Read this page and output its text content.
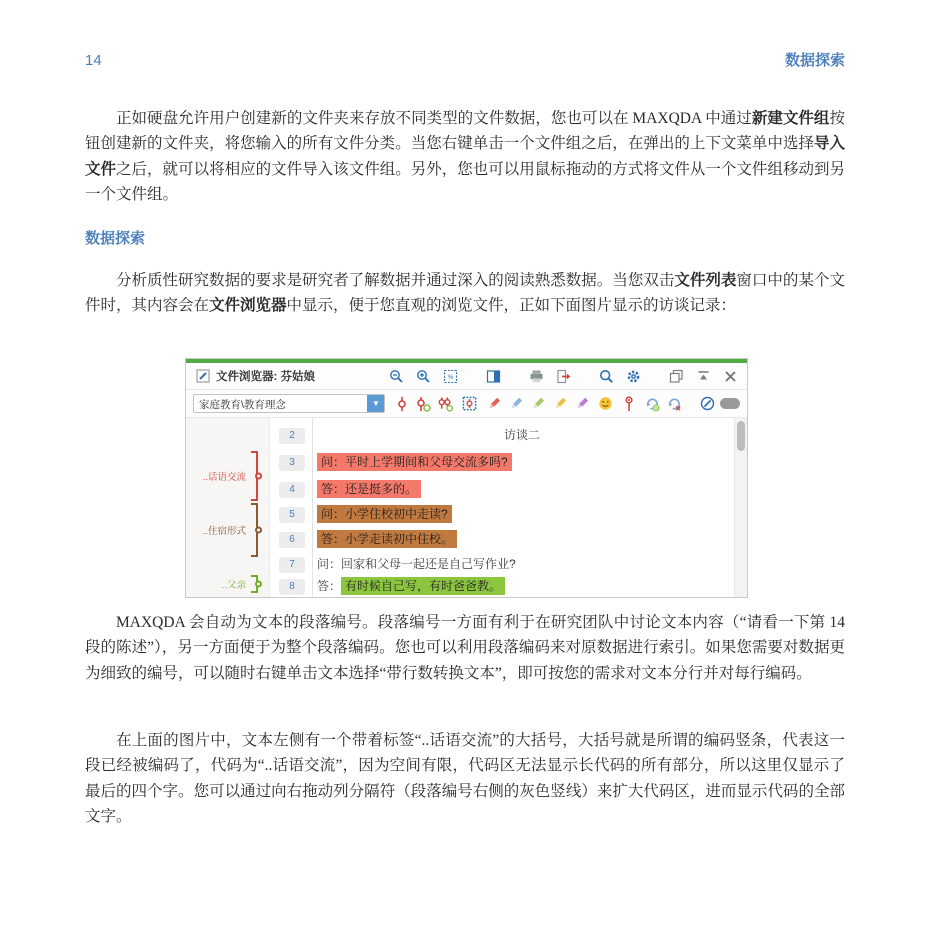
14	数据探索

正如硬盘允许用户创建新的文件夹来存放不同类型的文件数据，您也可以在 MAXQDA 中通过新建文件组按钮创建新的文件夹，将您输入的所有文件分类。当您右键单击一个文件组之后，在弹出的上下文菜单中选择导入文件之后，就可以将相应的文件导入该文件组。另外，您也可以用鼠标拖动的方式将文件从一个文件组移动到另一个文件组。

数据探索

分析质性研究数据的要求是研究者了解数据并通过深入的阅读熟悉数据。当您双击文件列表窗口中的某个文件时，其内容会在文件浏览器中显示，便于您直观的浏览文件，正如下面图片显示的访谈记录：

文件浏览器: 芬姑娘	%
家庭教育\教育理念	▼
..话语交流
..住宿形式
..父亲
2
3
4
5
6
7
8
访谈二
问：平时上学期间和父母交流多吗?
答：还是挺多的。
问：小学住校初中走读?
答：小学走读初中住校。
问：回家和父母一起还是自己写作业?
答： 有时候自己写，有时爸爸教。

MAXQDA 会自动为文本的段落编号。段落编号一方面有利于在研究团队中讨论文本内容（“请看一下第 14 段的陈述”），另一方面便于为整个段落编码。您也可以利用段落编码来对原数据进行索引。如果您需要对数据更为细致的编号，可以随时右键单击文本选择“带行数转换文本”，即可按您的需求对文本分行并对每行编码。

在上面的图片中，文本左侧有一个带着标签“..话语交流”的大括号，大括号就是所谓的编码竖条，代表这一段已经被编码了，代码为“..话语交流”，因为空间有限，代码区无法显示长代码的所有部分，所以这里仅显示了最后的四个字。您可以通过向右拖动列分隔符（段落编号右侧的灰色竖线）来扩大代码区，进而显示代码的全部文字。
